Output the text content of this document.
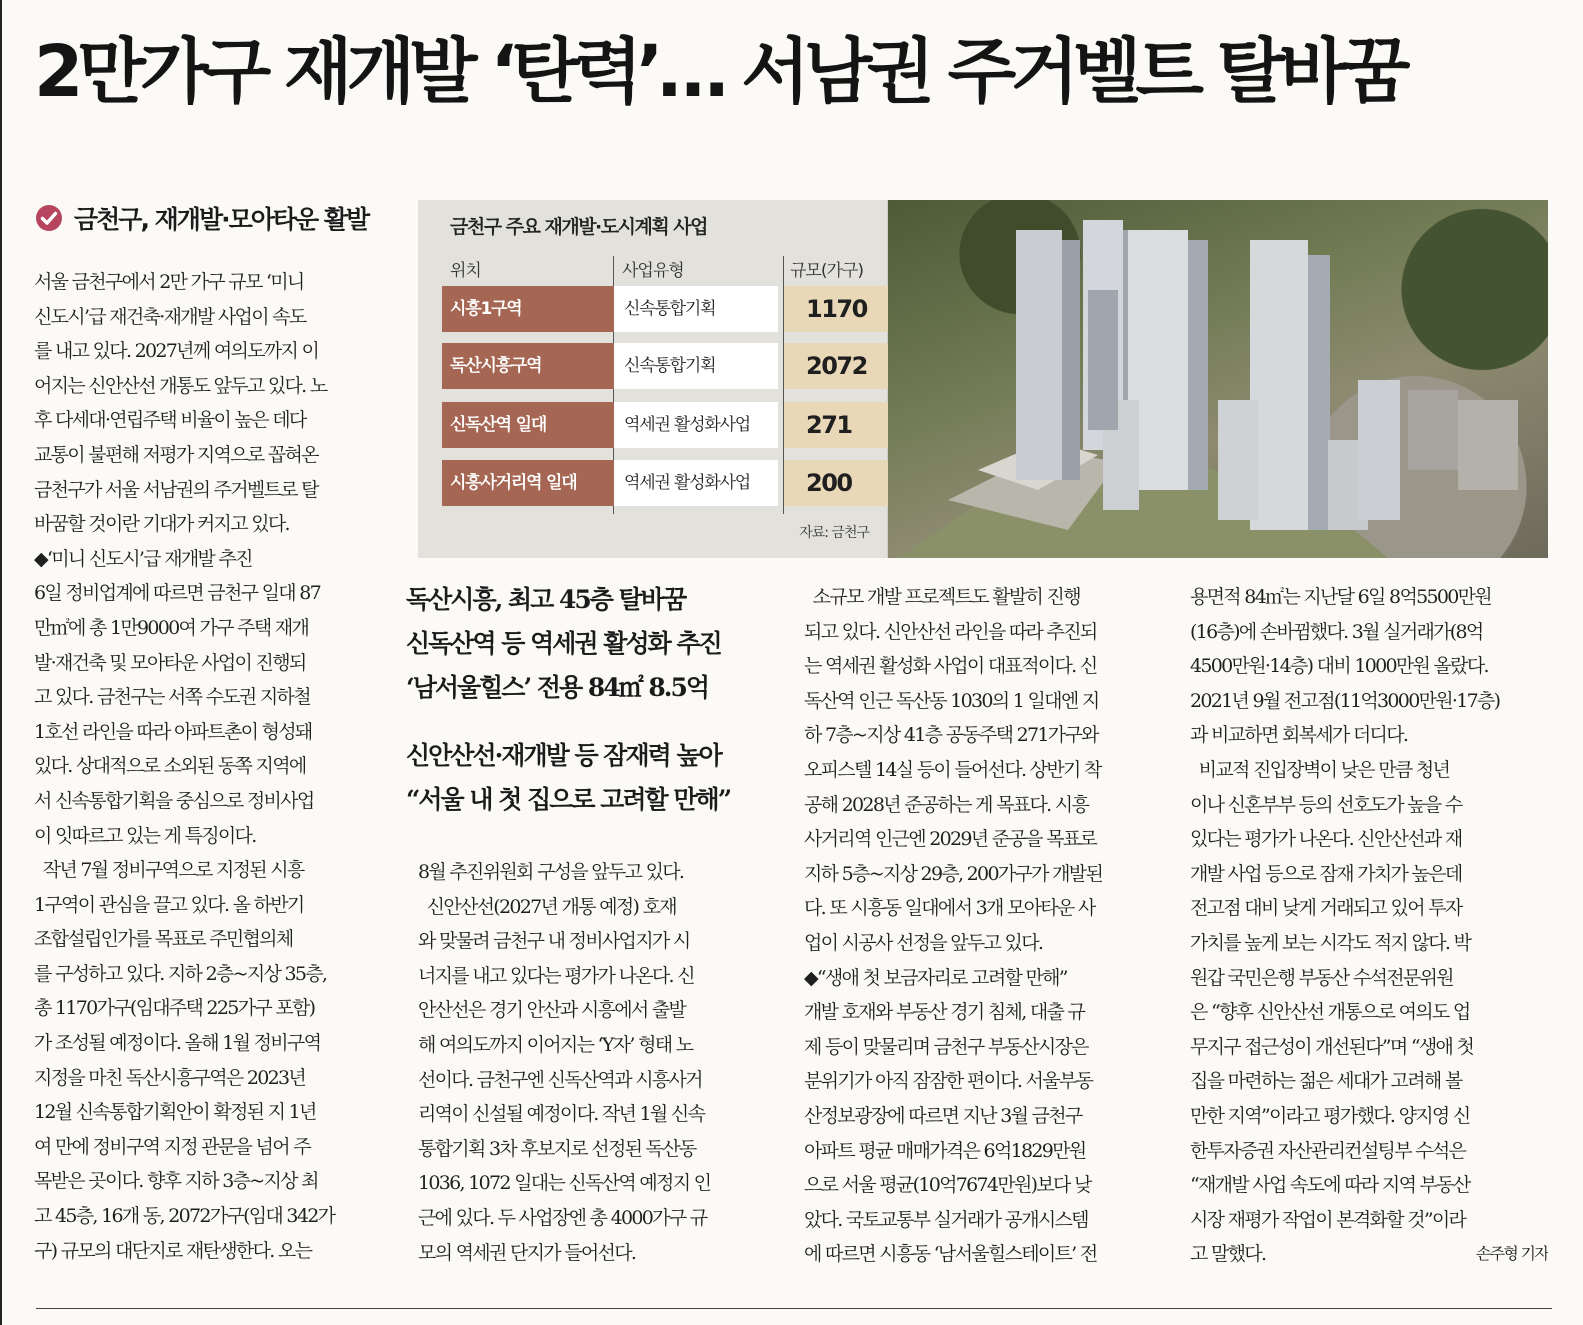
2만가구 재개발 ‘탄력’… 서남권 주거벨트 탈바꿈
금천구, 재개발·모아타운 활발	금천구 주요 재개발·도시계획 사업
위치	사업유형	규모(가구)
시흥1구역	신속통합기획	1170
독산시흥구역	신속통합기획	2072
신독산역 일대	역세권 활성화사업	271
시흥사거리역 일대	역세권 활성화사업	200
자료: 금천구

독산시흥, 최고 45층 탈바꿈

신독산역 등 역세권 활성화 추진

‘남서울힐스’ 전용 84㎡ 8.5억

신안산선·재개발 등 잠재력 높아

“서울 내 첫 집으로 고려할 만해”

서울 금천구에서 2만 가구 규모 ‘미니

신도시’급 재건축·재개발 사업이 속도

를 내고 있다. 2027년께 여의도까지 이

어지는 신안산선 개통도 앞두고 있다. 노

후 다세대·연립주택 비율이 높은 데다

교통이 불편해 저평가 지역으로 꼽혀온

금천구가 서울 서남권의 주거벨트로 탈

바꿈할 것이란 기대가 커지고 있다.

◆‘미니 신도시’급 재개발 추진

6일 정비업계에 따르면 금천구 일대 87

만㎡에 총 1만9000여 가구 주택 재개

발·재건축 및 모아타운 사업이 진행되

고 있다. 금천구는 서쪽 수도권 지하철

1호선 라인을 따라 아파트촌이 형성돼

있다. 상대적으로 소외된 동쪽 지역에

서 신속통합기획을 중심으로 정비사업

이 잇따르고 있는 게 특징이다.

작년 7월 정비구역으로 지정된 시흥

1구역이 관심을 끌고 있다. 올 하반기

조합설립인가를 목표로 주민협의체

를 구성하고 있다. 지하 2층~지상 35층,

총 1170가구(임대주택 225가구 포함)

가 조성될 예정이다. 올해 1월 정비구역

지정을 마친 독산시흥구역은 2023년

12월 신속통합기획안이 확정된 지 1년

여 만에 정비구역 지정 관문을 넘어 주

목받은 곳이다. 향후 지하 3층~지상 최

고 45층, 16개 동, 2072가구(임대 342가

구) 규모의 대단지로 재탄생한다. 오는

8월 추진위원회 구성을 앞두고 있다.

신안산선(2027년 개통 예정) 호재

와 맞물려 금천구 내 정비사업지가 시

너지를 내고 있다는 평가가 나온다. 신

안산선은 경기 안산과 시흥에서 출발

해 여의도까지 이어지는 ‘Y자’ 형태 노

선이다. 금천구엔 신독산역과 시흥사거

리역이 신설될 예정이다. 작년 1월 신속

통합기획 3차 후보지로 선정된 독산동

1036, 1072 일대는 신독산역 예정지 인

근에 있다. 두 사업장엔 총 4000가구 규

모의 역세권 단지가 들어선다.

소규모 개발 프로젝트도 활발히 진행

되고 있다. 신안산선 라인을 따라 추진되

는 역세권 활성화 사업이 대표적이다. 신

독산역 인근 독산동 1030의 1 일대엔 지

하 7층~지상 41층 공동주택 271가구와

오피스텔 14실 등이 들어선다. 상반기 착

공해 2028년 준공하는 게 목표다. 시흥

사거리역 인근엔 2029년 준공을 목표로

지하 5층~지상 29층, 200가구가 개발된

다. 또 시흥동 일대에서 3개 모아타운 사

업이 시공사 선정을 앞두고 있다.

◆“생애 첫 보금자리로 고려할 만해”

개발 호재와 부동산 경기 침체, 대출 규

제 등이 맞물리며 금천구 부동산시장은

분위기가 아직 잠잠한 편이다. 서울부동

산정보광장에 따르면 지난 3월 금천구

아파트 평균 매매가격은 6억1829만원

으로 서울 평균(10억7674만원)보다 낮

았다. 국토교통부 실거래가 공개시스템

에 따르면 시흥동 ‘남서울힐스테이트’ 전

용면적 84㎡는 지난달 6일 8억5500만원

(16층)에 손바뀜했다. 3월 실거래가(8억

4500만원·14층) 대비 1000만원 올랐다.

2021년 9월 전고점(11억3000만원·17층)

과 비교하면 회복세가 더디다.

비교적 진입장벽이 낮은 만큼 청년

이나 신혼부부 등의 선호도가 높을 수

있다는 평가가 나온다. 신안산선과 재

개발 사업 등으로 잠재 가치가 높은데

전고점 대비 낮게 거래되고 있어 투자

가치를 높게 보는 시각도 적지 않다. 박

원갑 국민은행 부동산 수석전문위원

은 “향후 신안산선 개통으로 여의도 업

무지구 접근성이 개선된다”며 “생애 첫

집을 마련하는 젊은 세대가 고려해 볼

만한 지역”이라고 평가했다. 양지영 신

한투자증권 자산관리컨설팅부 수석은

“재개발 사업 속도에 따라 지역 부동산

시장 재평가 작업이 본격화할 것”이라

고 말했다.	손주형 기자
